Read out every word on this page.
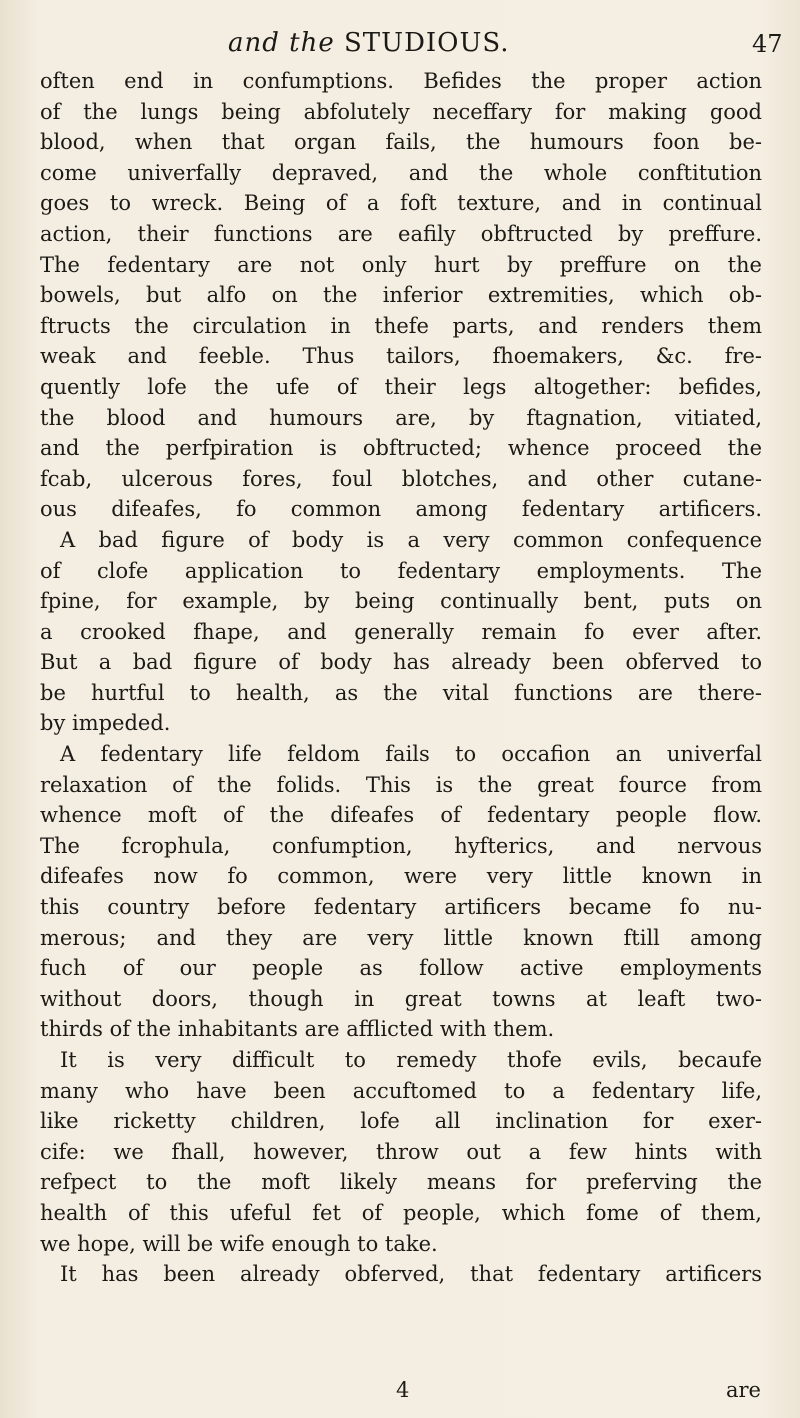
and the STUDIOUS.	47
often end in confumptions. Befides the proper action
of the lungs being abfolutely neceffary for making good
blood, when that organ fails, the humours foon be-
come univerfally depraved, and the whole conftitution
goes to wreck. Being of a foft texture, and in continual
action, their functions are eafily obftructed by preffure.
The fedentary are not only hurt by preffure on the
bowels, but alfo on the inferior extremities, which ob-
ftructs the circulation in thefe parts, and renders them
weak and feeble. Thus tailors, fhoemakers, &c. fre-
quently lofe the ufe of their legs altogether: befides,
the blood and humours are, by ftagnation, vitiated,
and the perfpiration is obftructed; whence proceed the
fcab, ulcerous fores, foul blotches, and other cutane-
ous difeafes, fo common among fedentary artificers.
A bad figure of body is a very common confequence
of clofe application to fedentary employments. The
fpine, for example, by being continually bent, puts on
a crooked fhape, and generally remain fo ever after.
But a bad figure of body has already been obferved to
be hurtful to health, as the vital functions are there-
by impeded.
A fedentary life feldom fails to occafion an univerfal
relaxation of the folids. This is the great fource from
whence moft of the difeafes of fedentary people flow.
The fcrophula, confumption, hyfterics, and nervous
difeafes now fo common, were very little known in
this country before fedentary artificers became fo nu-
merous; and they are very little known ftill among
fuch of our people as follow active employments
without doors, though in great towns at leaft two-
thirds of the inhabitants are afflicted with them.
It is very difficult to remedy thofe evils, becaufe
many who have been accuftomed to a fedentary life,
like ricketty children, lofe all inclination for exer-
cife: we fhall, however, throw out a few hints with
refpect to the moft likely means for preferving the
health of this ufeful fet of people, which fome of them,
we hope, will be wife enough to take.
It has been already obferved, that fedentary artificers
4	are
